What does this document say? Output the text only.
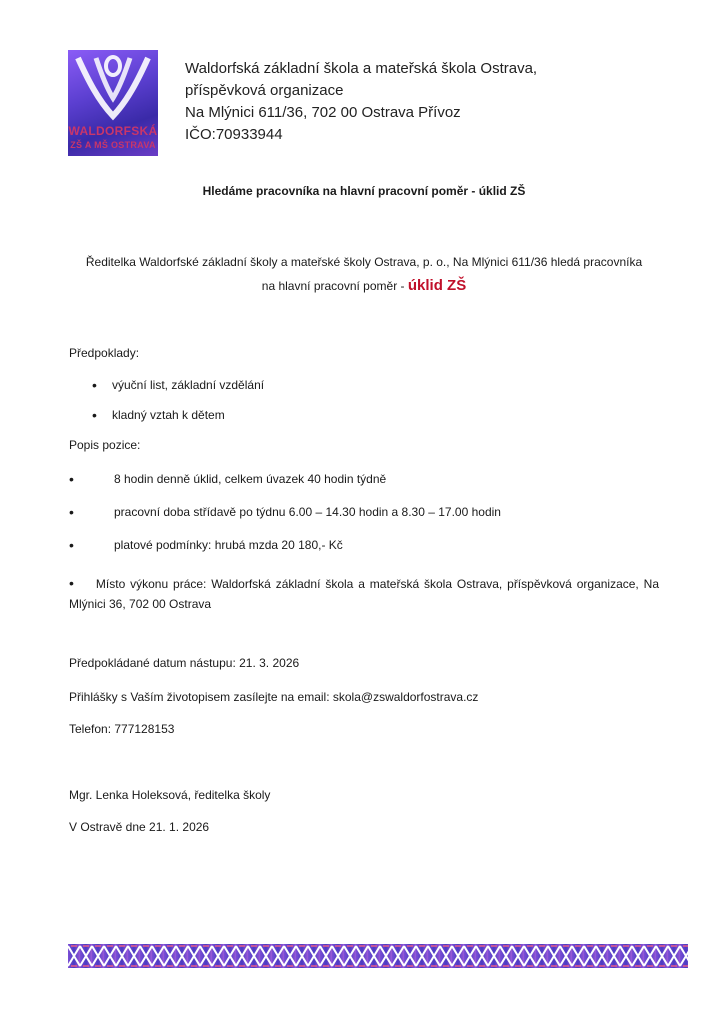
WALDORFSKÁ
ZŠ A MŠ OSTRAVA
Waldorfská základní škola a mateřská škola Ostrava,
příspěvková organizace
Na Mlýnici 611/36, 702 00 Ostrava Přívoz
IČO:70933944
Hledáme pracovníka na hlavní pracovní poměr - úklid ZŠ
Ředitelka Waldorfské základní školy a mateřské školy Ostrava, p. o., Na Mlýnici 611/36 hledá pracovníka
na hlavní pracovní poměr - úklid ZŠ
Předpoklady:
• výuční list, základní vzdělání
• kladný vztah k dětem
Popis pozice:
•	8 hodin denně úklid, celkem úvazek 40 hodin týdně
•	pracovní doba střídavě po týdnu 6.00 – 14.30 hodin a 8.30 – 17.00 hodin
•	platové podmínky: hrubá mzda 20 180,- Kč
• Místo výkonu práce: Waldorfská základní škola a mateřská škola Ostrava, příspěvková organizace, Na Mlýnici 36, 702 00 Ostrava
Předpokládané datum nástupu: 21. 3. 2026
Přihlášky s Vaším životopisem zasílejte na email: skola@zswaldorfostrava.cz
Telefon: 777128153
Mgr. Lenka Holeksová, ředitelka školy
V Ostravě dne 21. 1. 2026
